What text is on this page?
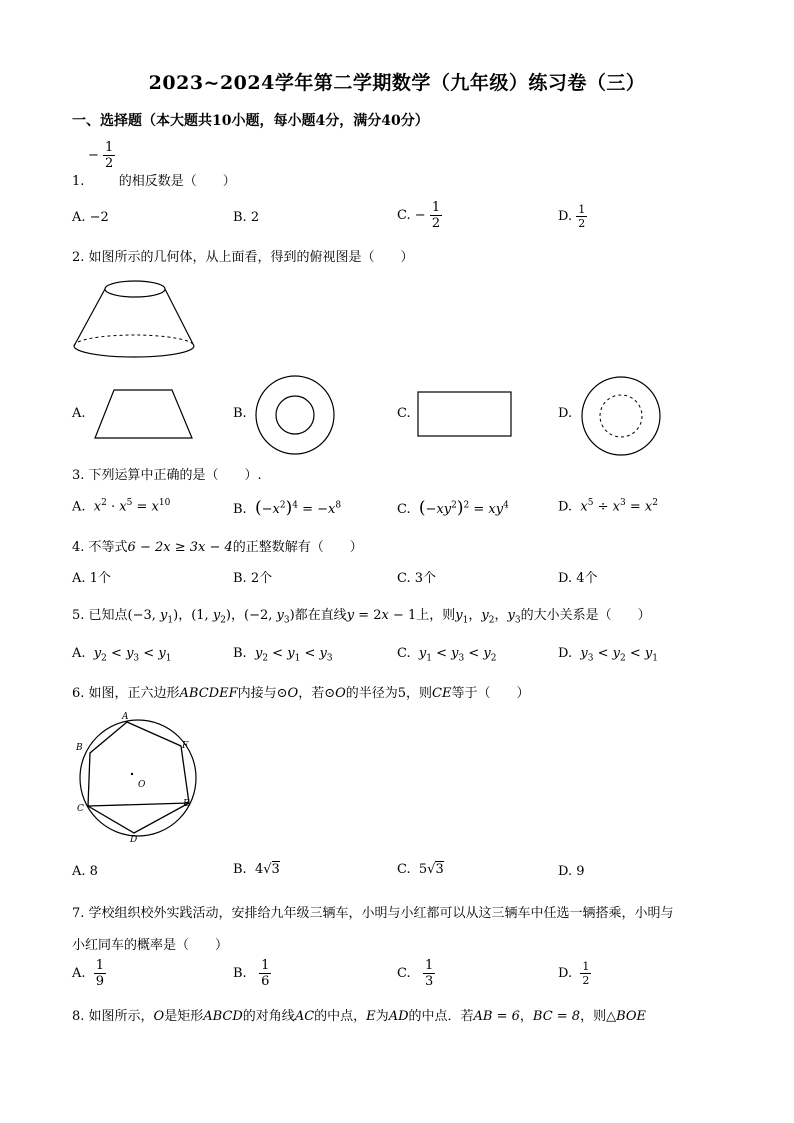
2023~2024学年第二学期数学（九年级）练习卷（三）
一、选择题（本大题共10小题，每小题4分，满分40分）
− $\frac{1}{2}$
1.	的相反数是（　　）
A. −2	B. 2	C. − $\frac{1}{2}$	D. $\frac{1}{2}$
2. 如图所示的几何体，从上面看，得到的俯视图是（　　）
A.	B.	C.	D.
3. 下列运算中正确的是（　　）.
A. $x^2 \cdot x^5 = x^{10}$	B. $(-x^2)^4 = -x^8$	C. $(-xy^2)^2 = xy^4$	D. $x^5 \div x^3 = x^2$
4. 不等式6 − 2x ≥ 3x − 4的正整数解有（　　）
A. 1个	B. 2个	C. 3个	D. 4个
5. 已知点(−3, $y_1$)，(1, $y_2$)，(−2, $y_3$)都在直线y = 2x − 1上，则$y_1$，$y_2$，$y_3$的大小关系是（　　）
A. $y_2 < y_3 < y_1$	B. $y_2 < y_1 < y_3$	C. $y_1 < y_3 < y_2$	D. $y_3 < y_2 < y_1$
6. 如图，正六边形ABCDEF内接与⊙O，若⊙O的半径为5，则CE等于（　　）
A
F
B
C	E
D
O
A. 8	B. 4√3	C. 5√3	D. 9
7. 学校组织校外实践活动，安排给九年级三辆车，小明与小红都可以从这三辆车中任选一辆搭乘，小明与
小红同车的概率是（　　）
A. $\frac{1}{9}$	B. $\frac{1}{6}$	C. $\frac{1}{3}$	D. $\frac{1}{2}$
8. 如图所示，O是矩形ABCD的对角线AC的中点，E为AD的中点．若AB = 6，BC = 8，则△BOE
